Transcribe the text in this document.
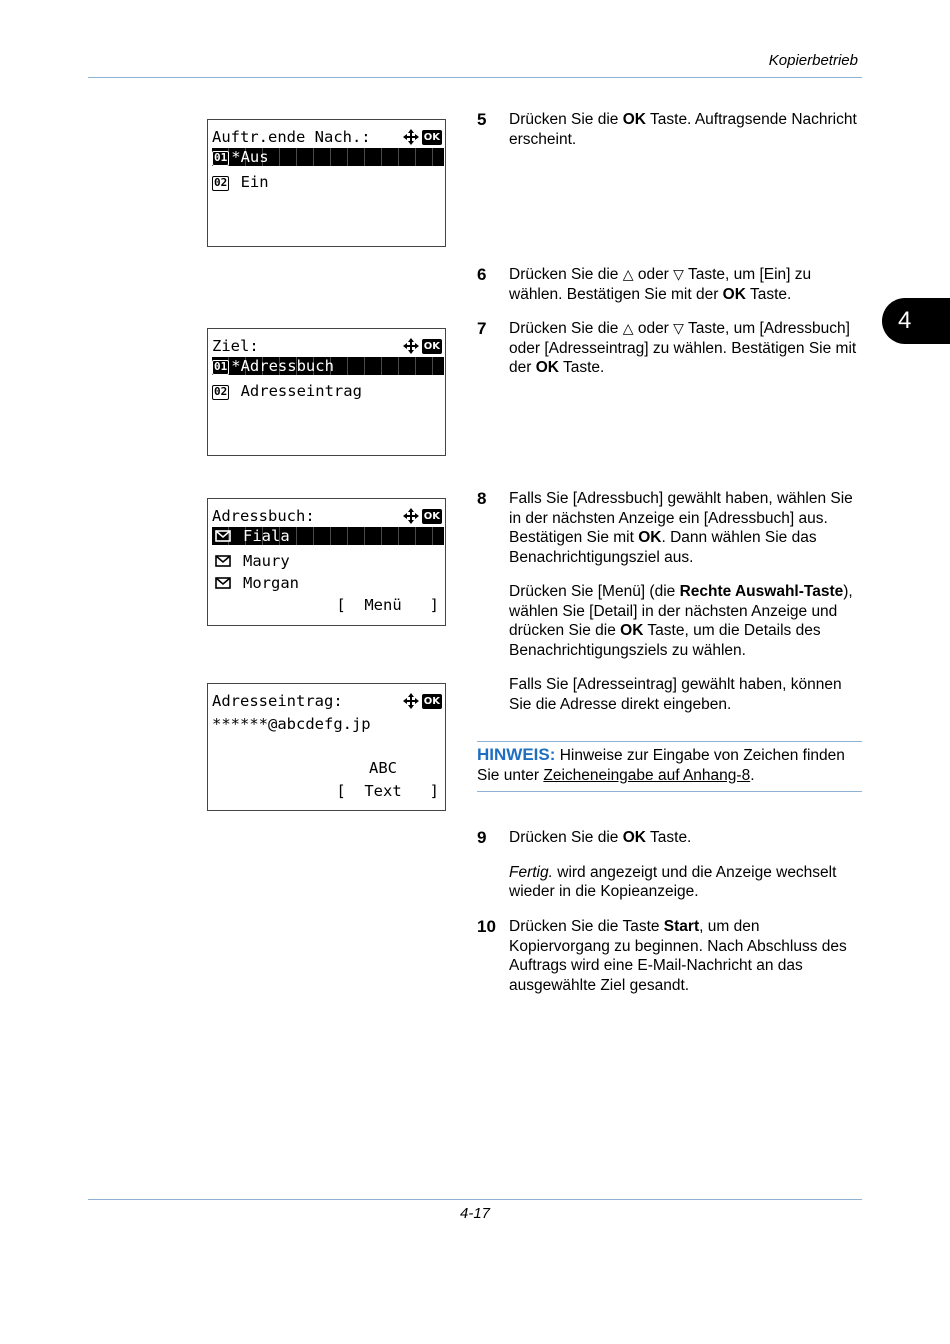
Kopierbetrieb
4
Auftr.ende Nach.:	OK
01 *Aus
02 Ein
Ziel:	OK
01 *Adressbuch
02 Adresseintrag
Adressbuch:	OK
Fiala
Maury
Morgan
[  Menü   ]
Adresseintrag:	OK
******@abcdefg.jp
ABC
[  Text   ]
5 Drücken Sie die OK Taste. Auftragsende Nachricht erscheint.

6 Drücken Sie die △ oder ▽ Taste, um [Ein] zu wählen. Bestätigen Sie mit der OK Taste.

7 Drücken Sie die △ oder ▽ Taste, um [Adressbuch] oder [Adresseintrag] zu wählen. Bestätigen Sie mit der OK Taste.

8 Falls Sie [Adressbuch] gewählt haben, wählen Sie in der nächsten Anzeige ein [Adressbuch] aus. Bestätigen Sie mit OK. Dann wählen Sie das Benachrichtigungsziel aus.

Drücken Sie [Menü] (die Rechte Auswahl-Taste), wählen Sie [Detail] in der nächsten Anzeige und drücken Sie die OK Taste, um die Details des Benachrichtigungsziels zu wählen.

Falls Sie [Adresseintrag] gewählt haben, können Sie die Adresse direkt eingeben.

HINWEIS: Hinweise zur Eingabe von Zeichen finden Sie unter Zeicheneingabe auf Anhang-8.
9 Drücken Sie die OK Taste.

Fertig. wird angezeigt und die Anzeige wechselt wieder in die Kopieanzeige.

10 Drücken Sie die Taste Start, um den Kopiervorgang zu beginnen. Nach Abschluss des Auftrags wird eine E-Mail-Nachricht an das ausgewählte Ziel gesandt.

4-17
